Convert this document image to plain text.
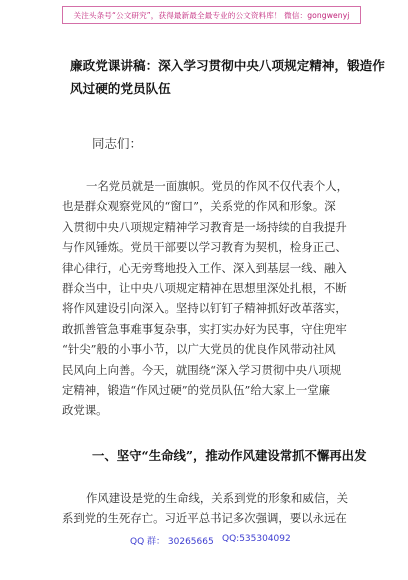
关注头条号“公文研究”，获得最新最全最专业的公文资料库！ 微信：gongwenyj
廉政党课讲稿：深入学习贯彻中央八项规定精神，锻造作
风过硬的党员队伍
同志们：
一名党员就是一面旗帜。党员的作风不仅代表个人，
也是群众观察党风的“窗口”，关系党的作风和形象。深
入贯彻中央八项规定精神学习教育是一场持续的自我提升
与作风锤炼。党员干部要以学习教育为契机，检身正己、
律心律行，心无旁骛地投入工作、深入到基层一线、融入
群众当中，让中央八项规定精神在思想里深处扎根，不断
将作风建设引向深入。坚持以钉钉子精神抓好改革落实，
敢抓善管急事难事复杂事，实打实办好为民事，守住兜牢
“针尖”般的小事小节，以广大党员的优良作风带动社风
民风向上向善。今天，就围绕“深入学习贯彻中央八项规
定精神，锻造“作风过硬”的党员队伍”给大家上一堂廉
政党课。
一、坚守“生命线”，推动作风建设常抓不懈再出发
作风建设是党的生命线，关系到党的形象和威信，关
系到党的生死存亡。习近平总书记多次强调，要以永远在
QQ 群： 30265665 QQ:535304092
